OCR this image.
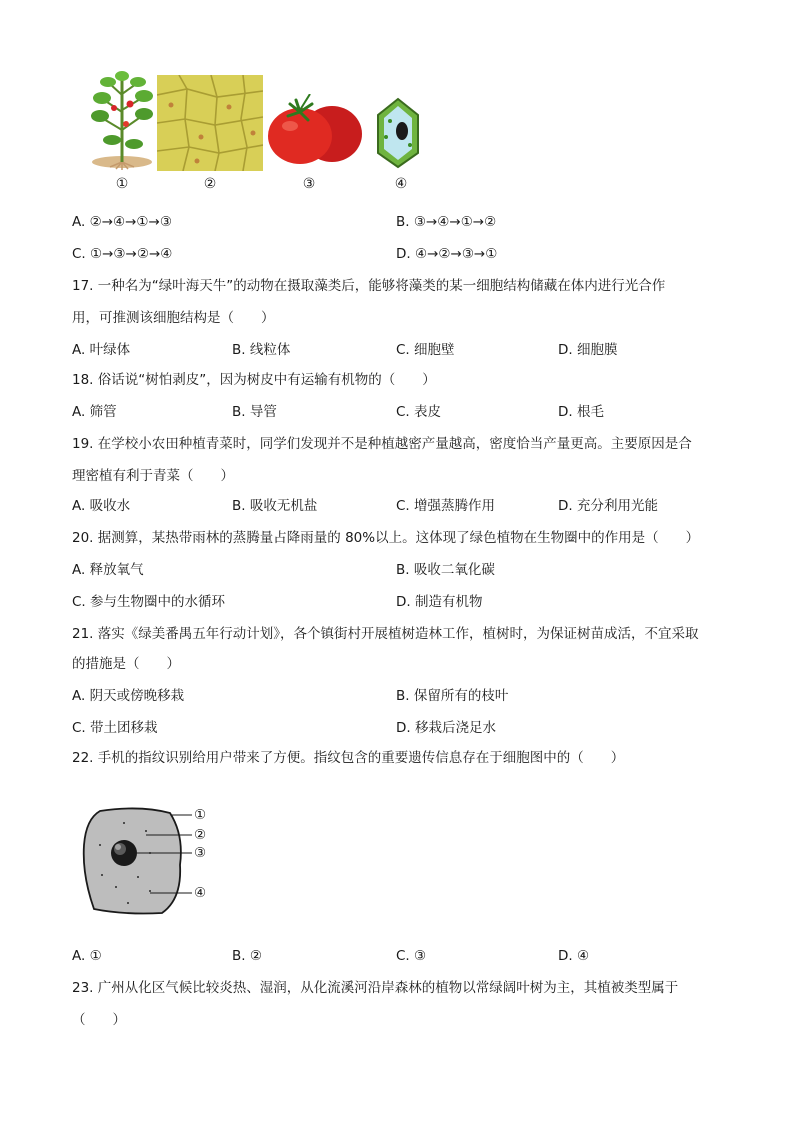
①	②	③	④
A. ②→④→①→③	B. ③→④→①→②
C. ①→③→②→④	D. ④→②→③→①
17. 一种名为“绿叶海天牛”的动物在摄取藻类后，能够将藻类的某一细胞结构储藏在体内进行光合作
用，可推测该细胞结构是（　　）
A. 叶绿体	B. 线粒体	C. 细胞壁	D. 细胞膜
18. 俗话说“树怕剥皮”，因为树皮中有运输有机物的（　　）
A. 筛管	B. 导管	C. 表皮	D. 根毛
19. 在学校小农田种植青菜时，同学们发现并不是种植越密产量越高，密度恰当产量更高。主要原因是合
理密植有利于青菜（　　）
A. 吸收水	B. 吸收无机盐	C. 增强蒸腾作用	D. 充分利用光能
20. 据测算，某热带雨林的蒸腾量占降雨量的 80%以上。这体现了绿色植物在生物圈中的作用是（　　）
A. 释放氧气	B. 吸收二氧化碳
C. 参与生物圈中的水循环	D. 制造有机物
21. 落实《绿美番禺五年行动计划》，各个镇街村开展植树造林工作，植树时，为保证树苗成活，不宜采取
的措施是（　　）
A. 阴天或傍晚移栽	B. 保留所有的枝叶
C. 带土团移栽	D. 移栽后浇足水
22. 手机的指纹识别给用户带来了方便。指纹包含的重要遗传信息存在于细胞图中的（　　）
①
②
③
④
A. ①	B. ②	C. ③	D. ④
23. 广州从化区气候比较炎热、湿润，从化流溪河沿岸森林的植物以常绿阔叶树为主，其植被类型属于
（　　）
